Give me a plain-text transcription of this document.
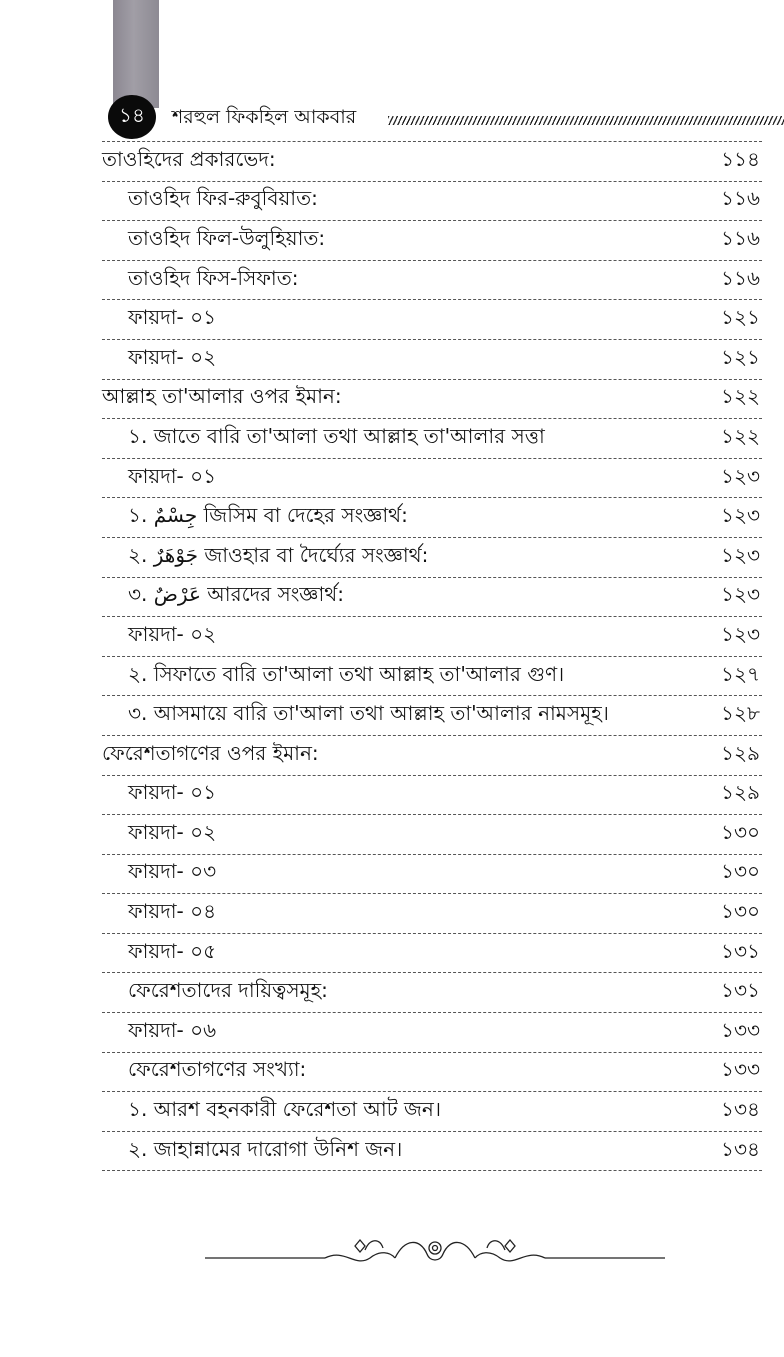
১৪	শরহুল ফিকহিল আকবার
তাওহিদের প্রকারভেদ:	১১৪
তাওহিদ ফির-রুবুবিয়াত:	১১৬
তাওহিদ ফিল-উলুহিয়াত:	১১৬
তাওহিদ ফিস-সিফাত:	১১৬
ফায়দা- ০১	১২১
ফায়দা- ০২	১২১
আল্লাহ তা'আলার ওপর ইমান:	১২২
১. জাতে বারি তা'আলা তথা আল্লাহ তা'আলার সত্তা	১২২
ফায়দা- ০১	১২৩
১. جِسْمٌ জিসিম বা দেহের সংজ্ঞার্থ:	১২৩
২. جَوْهَرٌ জাওহার বা দৈর্ঘ্যের সংজ্ঞার্থ:	১২৩
৩. عَرْضٌ আরদের সংজ্ঞার্থ:	১২৩
ফায়দা- ০২	১২৩
২. সিফাতে বারি তা'আলা তথা আল্লাহ তা'আলার গুণ।	১২৭
৩. আসমায়ে বারি তা'আলা তথা আল্লাহ তা'আলার নামসমূহ।	১২৮
ফেরেশতাগণের ওপর ইমান:	১২৯
ফায়দা- ০১	১২৯
ফায়দা- ০২	১৩০
ফায়দা- ০৩	১৩০
ফায়দা- ০৪	১৩০
ফায়দা- ০৫	১৩১
ফেরেশতাদের দায়িত্বসমূহ:	১৩১
ফায়দা- ০৬	১৩৩
ফেরেশতাগণের সংখ্যা:	১৩৩
১. আরশ বহনকারী ফেরেশতা আট জন।	১৩৪
২. জাহান্নামের দারোগা উনিশ জন।	১৩৪
